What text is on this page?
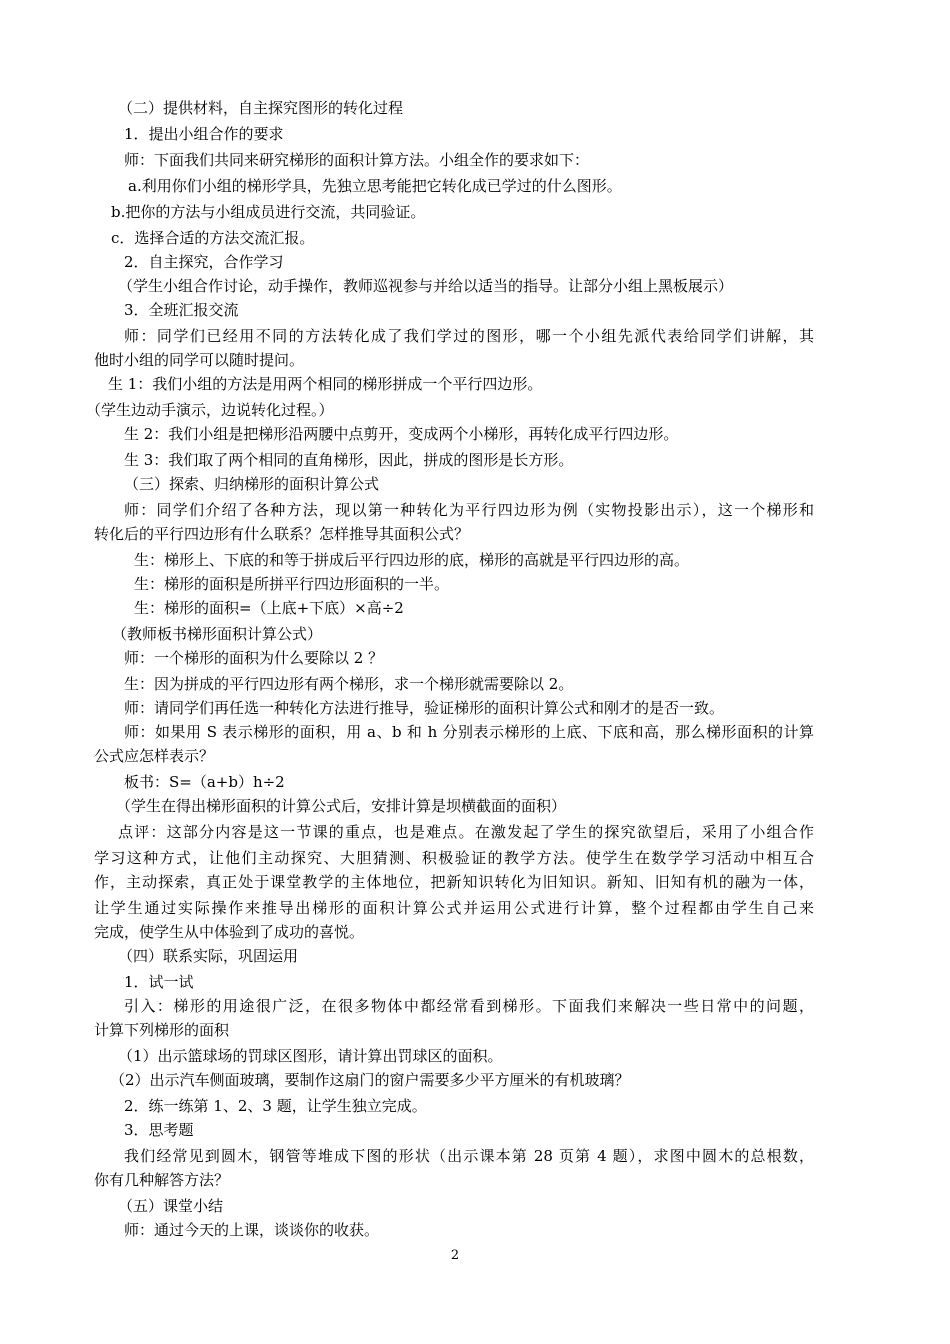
（二）提供材料，自主探究图形的转化过程
1．提出小组合作的要求
师：下面我们共同来研究梯形的面积计算方法。小组全作的要求如下：
a.利用你们小组的梯形学具，先独立思考能把它转化成已学过的什么图形。
b.把你的方法与小组成员进行交流，共同验证。
c．选择合适的方法交流汇报。
2．自主探究，合作学习
（学生小组合作讨论，动手操作，教师巡视参与并给以适当的指导。让部分小组上黑板展示）
3．全班汇报交流
师：同学们已经用不同的方法转化成了我们学过的图形，哪一个小组先派代表给同学们讲解，其
他时小组的同学可以随时提问。
生 1：我们小组的方法是用两个相同的梯形拼成一个平行四边形。
（学生边动手演示，边说转化过程。）
生 2：我们小组是把梯形沿两腰中点剪开，变成两个小梯形，再转化成平行四边形。
生 3：我们取了两个相同的直角梯形，因此，拼成的图形是长方形。
（三）探索、归纳梯形的面积计算公式
师：同学们介绍了各种方法，现以第一种转化为平行四边形为例（实物投影出示），这一个梯形和
转化后的平行四边形有什么联系？怎样推导其面积公式？
生：梯形上、下底的和等于拼成后平行四边形的底，梯形的高就是平行四边形的高。
生：梯形的面积是所拼平行四边形面积的一半。
生：梯形的面积=（上底+下底）×高÷2
（教师板书梯形面积计算公式）
师：一个梯形的面积为什么要除以 2 ？
生：因为拼成的平行四边形有两个梯形，求一个梯形就需要除以 2。
师：请同学们再任选一种转化方法进行推导，验证梯形的面积计算公式和刚才的是否一致。
师：如果用 S 表示梯形的面积，用 a、b 和 h 分别表示梯形的上底、下底和高，那么梯形面积的计算
公式应怎样表示？
板书：S=（a+b）h÷2
（学生在得出梯形面积的计算公式后，安排计算是坝横截面的面积）
点评：这部分内容是这一节课的重点，也是难点。在激发起了学生的探究欲望后，采用了小组合作
学习这种方式，让他们主动探究、大胆猜测、积极验证的教学方法。使学生在数学学习活动中相互合
作，主动探索，真正处于课堂教学的主体地位，把新知识转化为旧知识。新知、旧知有机的融为一体，
让学生通过实际操作来推导出梯形的面积计算公式并运用公式进行计算，整个过程都由学生自己来
完成，使学生从中体验到了成功的喜悦。
（四）联系实际，巩固运用
1．试一试
引入：梯形的用途很广泛，在很多物体中都经常看到梯形。下面我们来解决一些日常中的问题，
计算下列梯形的面积
（1）出示篮球场的罚球区图形，请计算出罚球区的面积。
（2）出示汽车侧面玻璃，要制作这扇门的窗户需要多少平方厘米的有机玻璃？
2．练一练第 1、2、3 题，让学生独立完成。
3．思考题
我们经常见到圆木，钢管等堆成下图的形状（出示课本第 28 页第 4 题），求图中圆木的总根数，
你有几种解答方法？
（五）课堂小结
师：通过今天的上课，谈谈你的收获。
2
